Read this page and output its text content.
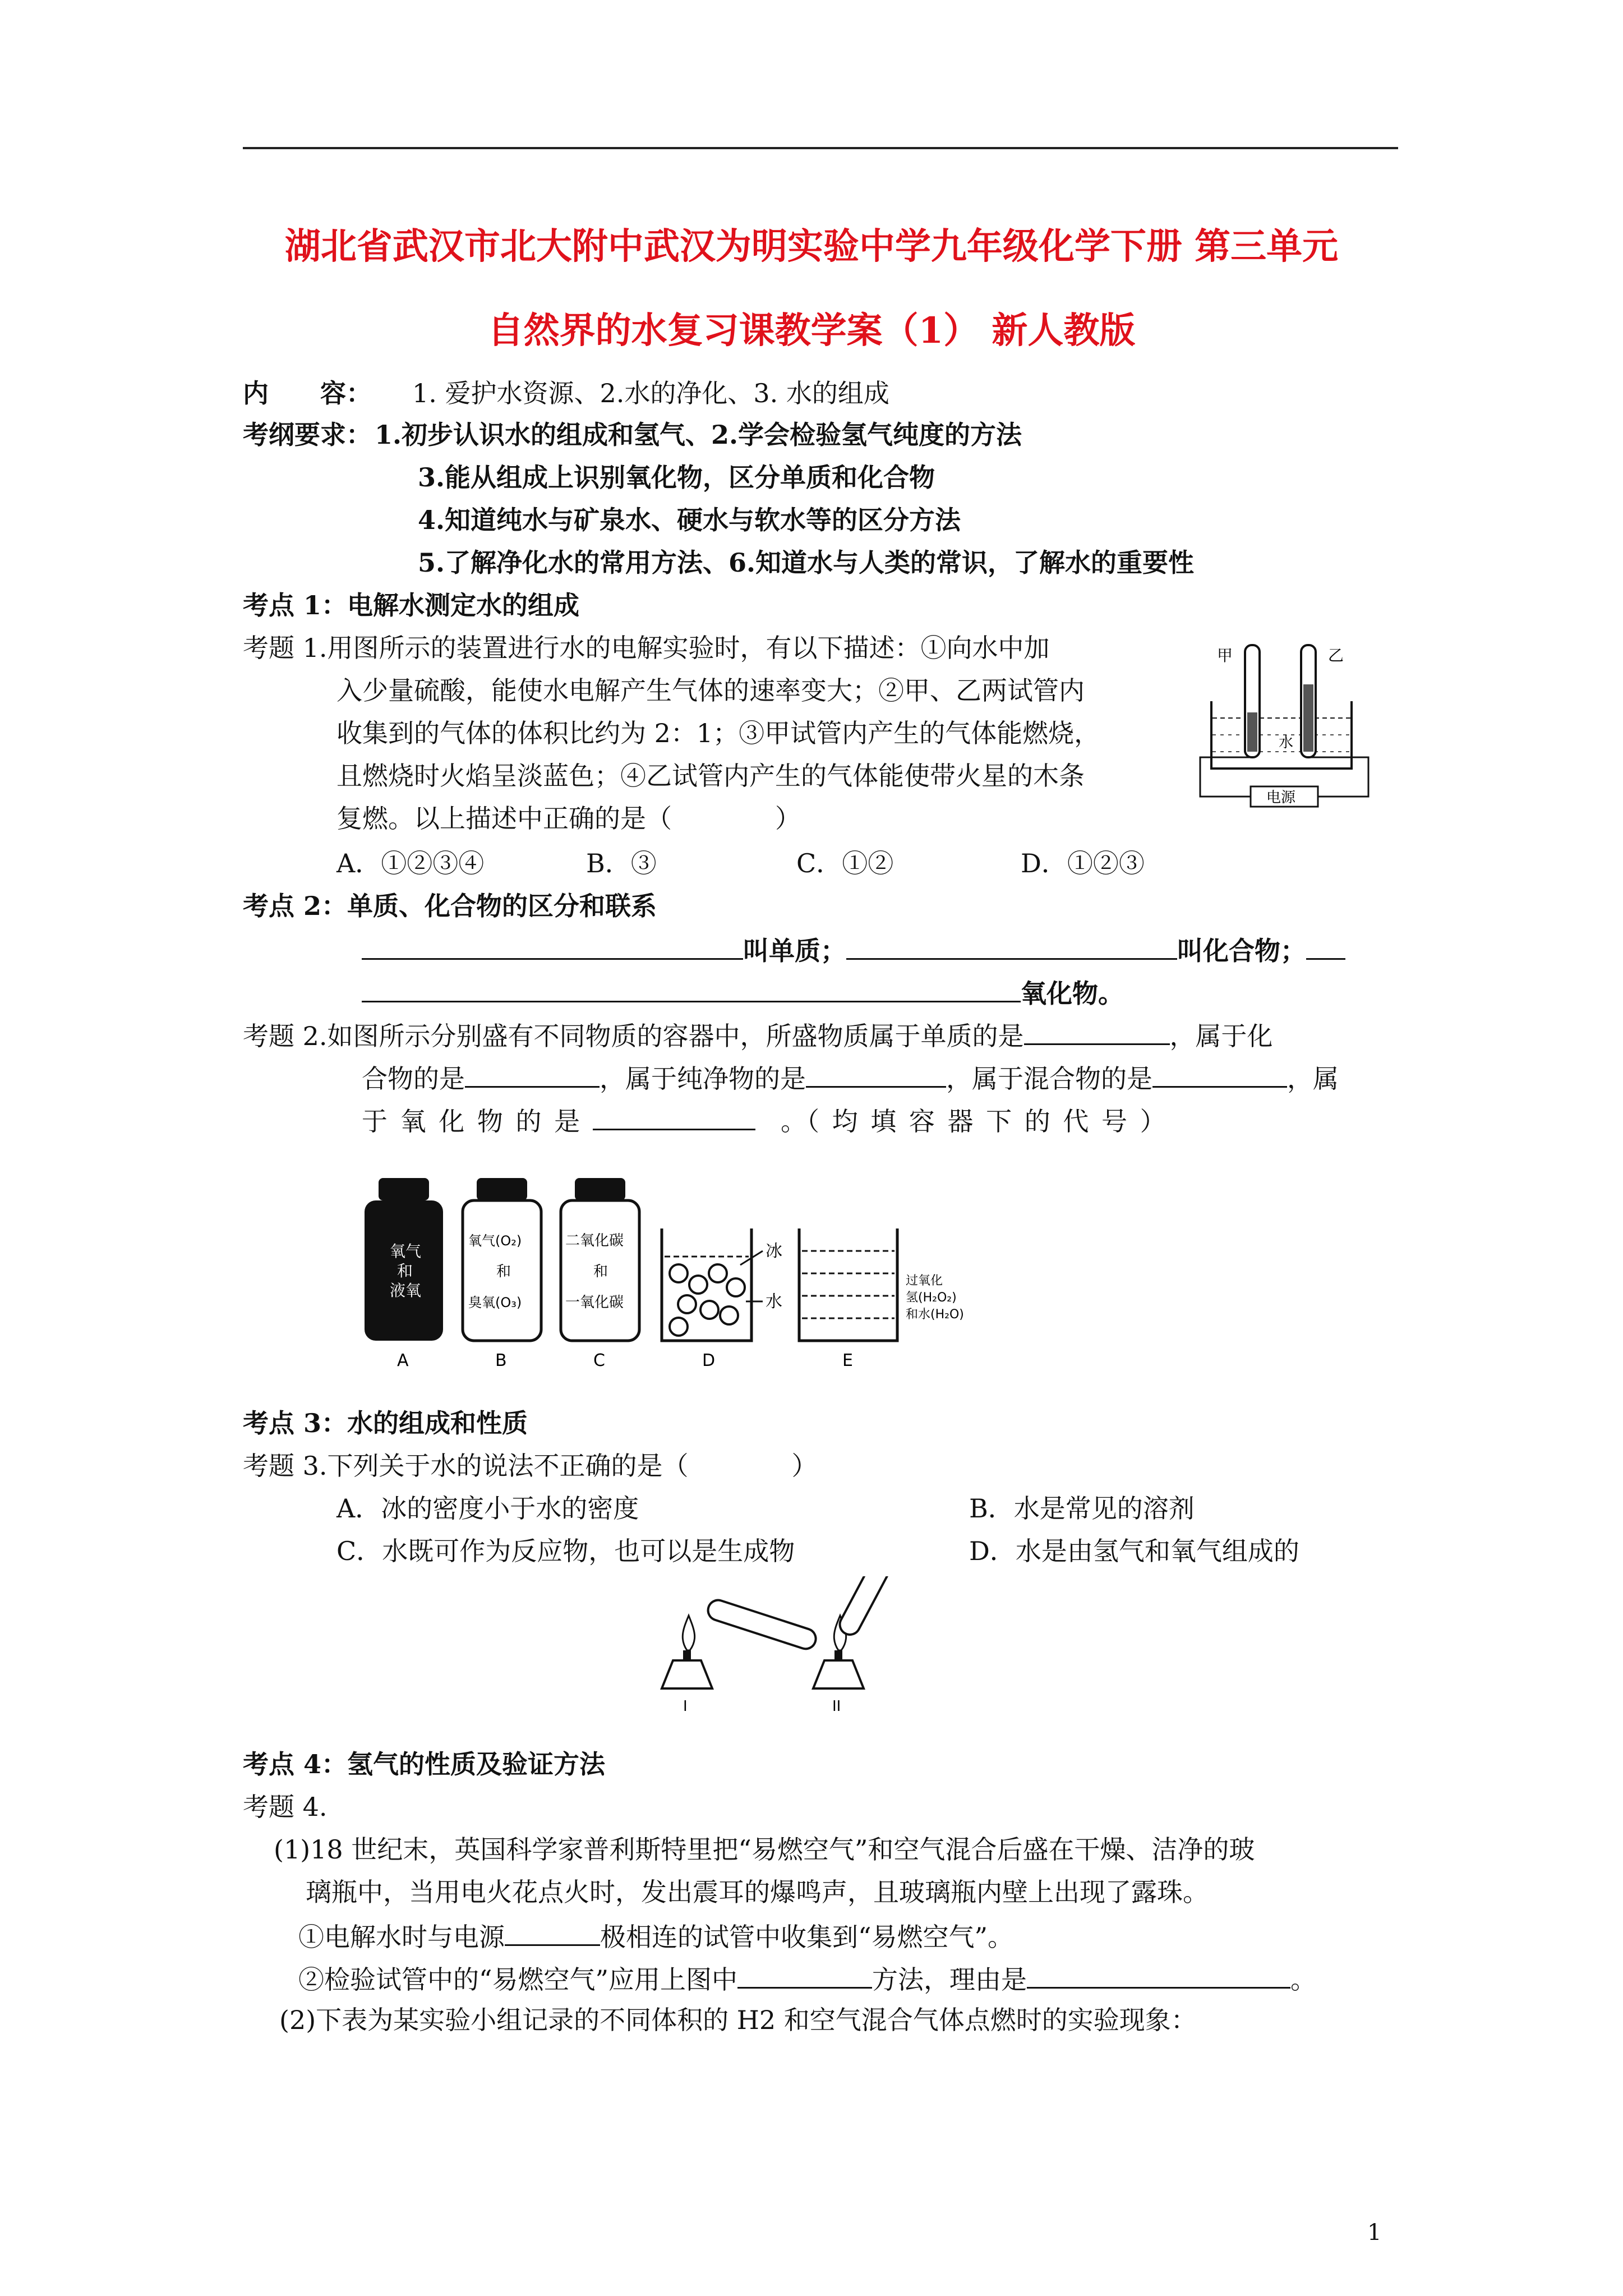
湖北省武汉市北大附中武汉为明实验中学九年级化学下册 第三单元
自然界的水复习课教学案（1） 新人教版
内　　容： 1. 爱护水资源、2.水的净化、3. 水的组成
考纲要求： 1.初步认识水的组成和氢气、2.学会检验氢气纯度的方法
3.能从组成上识别氧化物，区分单质和化合物
4.知道纯水与矿泉水、硬水与软水等的区分方法
5.了解净化水的常用方法、6.知道水与人类的常识，了解水的重要性
考点 1：电解水测定水的组成
考题 1.用图所示的装置进行水的电解实验时，有以下描述：①向水中加
入少量硫酸，能使水电解产生气体的速率变大；②甲、乙两试管内
收集到的气体的体积比约为 2：1；③甲试管内产生的气体能燃烧，
且燃烧时火焰呈淡蓝色；④乙试管内产生的气体能使带火星的木条
复燃。以上描述中正确的是（　　　　）
A．①②③④	B．③	C．①②	D．①②③
甲	乙
水
电源
考点 2：单质、化合物的区分和联系
叫单质；	叫化合物；
氧化物。
考题 2.如图所示分别盛有不同物质的容器中，所盛物质属于单质的是	，属于化
合物的是	，属于纯净物的是	，属于混合物的是	，属
于 氧 化 物 的 是	。（ 均 填 容 器 下 的 代 号 ）
氧气
和
液氧
A
氧气(O₂)
和
臭氧(O₃)
B
二氧化碳
和
一氧化碳
C
冰
水
D
过氧化
氢(H₂O₂)
和水(H₂O)
E
考点 3：水的组成和性质
考题 3.下列关于水的说法不正确的是（　　　　）
A．冰的密度小于水的密度	B．水是常见的溶剂
C．水既可作为反应物，也可以是生成物	D．水是由氢气和氧气组成的
I	II
考点 4：氢气的性质及验证方法
考题 4.
(1)18 世纪末，英国科学家普利斯特里把“易燃空气”和空气混合后盛在干燥、洁净的玻
璃瓶中，当用电火花点火时，发出震耳的爆鸣声，且玻璃瓶内壁上出现了露珠。
①电解水时与电源	极相连的试管中收集到“易燃空气”。
②检验试管中的“易燃空气”应用上图中	方法，理由是	。
(2)下表为某实验小组记录的不同体积的 H2 和空气混合气体点燃时的实验现象：
1
